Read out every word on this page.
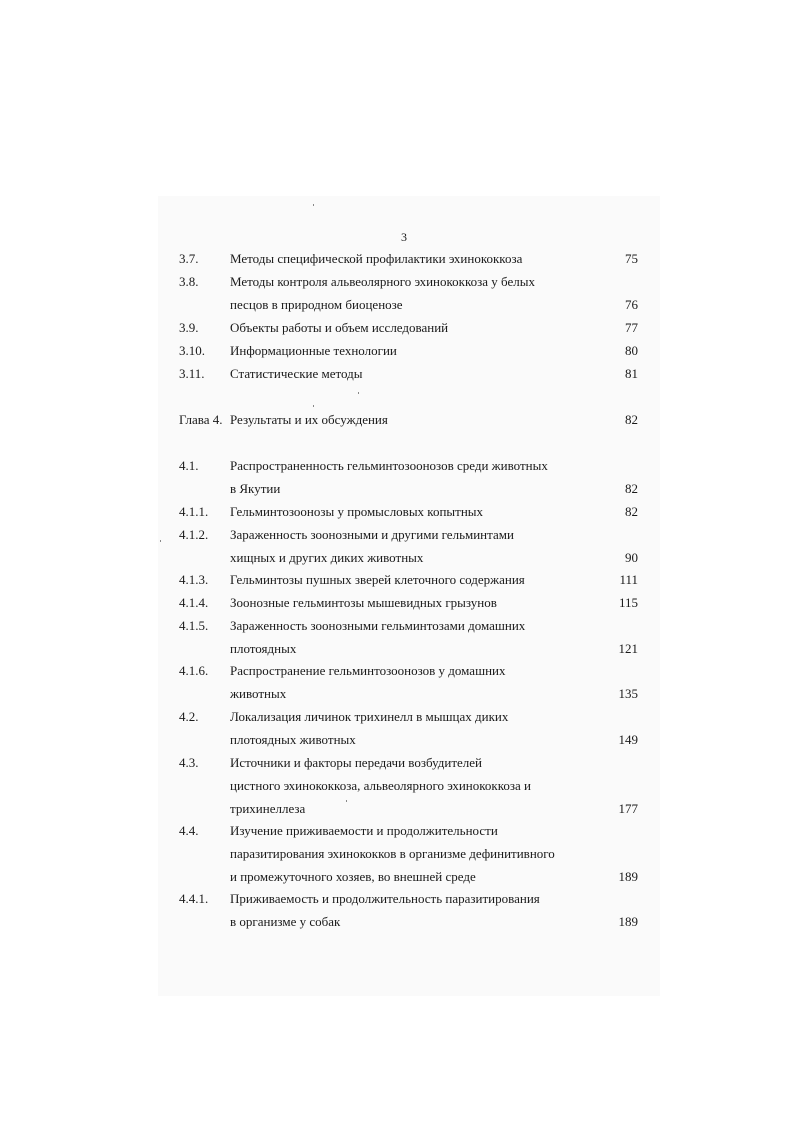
3
3.7.	Методы специфической профилактики эхинококкоза	75
3.8.	Методы контроля альвеолярного эхинококкоза у белых
песцов в природном биоценозе	76
3.9.	Объекты работы и объем исследований	77
3.10.	Информационные технологии	80
3.11.	Статистические методы	81
Глава 4. Результаты и их обсуждения	82
4.1.	Распространенность гельминтозоонозов среди животных
в Якутии	82
4.1.1.	Гельминтозоонозы у промысловых копытных	82
4.1.2.	Зараженность зоонозными и другими гельминтами
хищных и других диких животных	90
4.1.3.	Гельминтозы пушных зверей клеточного содержания	111
4.1.4.	Зоонозные гельминтозы мышевидных грызунов	115
4.1.5.	Зараженность зоонозными гельминтозами домашних
плотоядных	121
4.1.6.	Распространение гельминтозоонозов у домашних
животных	135
4.2.	Локализация личинок трихинелл в мышцах диких
плотоядных животных	149
4.3.	Источники и факторы передачи возбудителей
цистного эхинококкоза, альвеолярного эхинококкоза и
трихинеллеза	177
4.4.	Изучение приживаемости и продолжительности
паразитирования эхинококков в организме дефинитивного
и промежуточного хозяев, во внешней среде	189
4.4.1.	Приживаемость и продолжительность паразитирования
в организме у собак	189
